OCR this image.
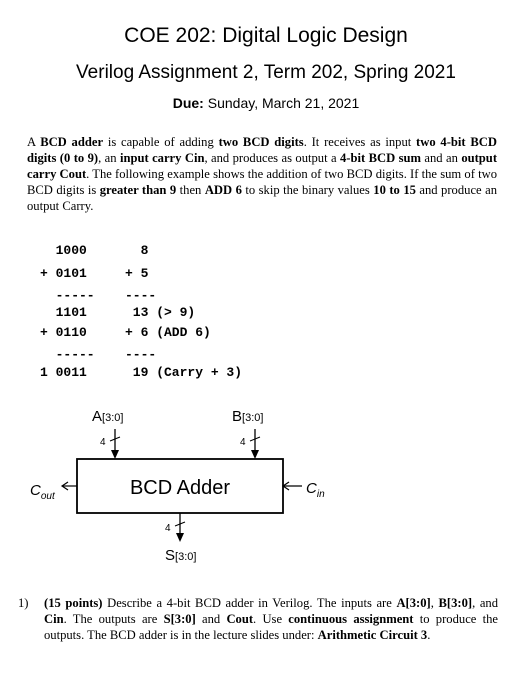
COE 202: Digital Logic Design
Verilog Assignment 2, Term 202, Spring 2021
Due: Sunday, March 21, 2021
A BCD adder is capable of adding two BCD digits. It receives as input two 4-bit BCD digits (0 to 9), an input carry Cin, and produces as output a 4-bit BCD sum and an output carry Cout. The following example shows the addition of two BCD digits. If the sum of two BCD digits is greater than 9 then ADD 6 to skip the binary values 10 to 15 and produce an output Carry.
1000
+ 0101
-----
1101
+ 0110
-----
1 0011
8
+ 5
----
13 (> 9)
+ 6 (ADD 6)
----
19 (Carry + 3)
A[3:0]
4
B[3:0]
4
BCD Adder
$C_{out}$	$C_{in}$
4
S[3:0]
1) (15 points) Describe a 4-bit BCD adder in Verilog. The inputs are A[3:0], B[3:0], and Cin. The outputs are S[3:0] and Cout. Use continuous assignment to produce the outputs. The BCD adder is in the lecture slides under: Arithmetic Circuit 3.
